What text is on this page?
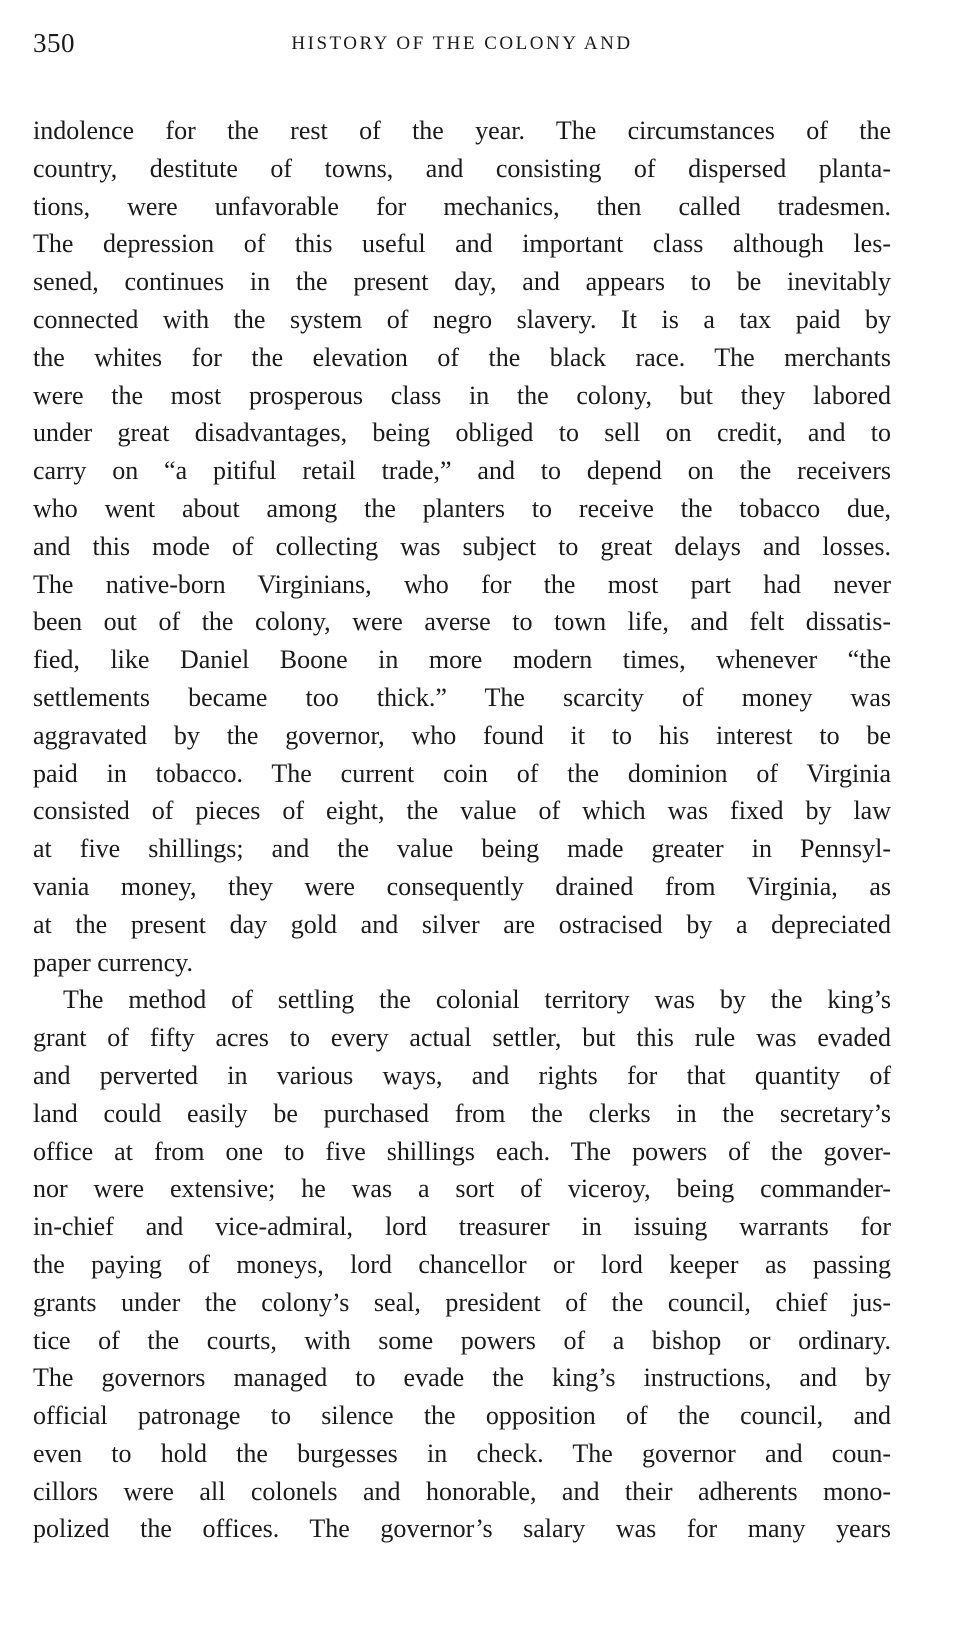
350	HISTORY OF THE COLONY AND
indolence for the rest of the year. The circumstances of the
country, destitute of towns, and consisting of dispersed planta-
tions, were unfavorable for mechanics, then called tradesmen.
The depression of this useful and important class although les-
sened, continues in the present day, and appears to be inevitably
connected with the system of negro slavery. It is a tax paid by
the whites for the elevation of the black race. The merchants
were the most prosperous class in the colony, but they labored
under great disadvantages, being obliged to sell on credit, and to
carry on “a pitiful retail trade,” and to depend on the receivers
who went about among the planters to receive the tobacco due,
and this mode of collecting was subject to great delays and losses.
The native-born Virginians, who for the most part had never
been out of the colony, were averse to town life, and felt dissatis-
fied, like Daniel Boone in more modern times, whenever “the
settlements became too thick.” The scarcity of money was
aggravated by the governor, who found it to his interest to be
paid in tobacco. The current coin of the dominion of Virginia
consisted of pieces of eight, the value of which was fixed by law
at five shillings; and the value being made greater in Pennsyl-
vania money, they were consequently drained from Virginia, as
at the present day gold and silver are ostracised by a depreciated
paper currency.
The method of settling the colonial territory was by the king’s
grant of fifty acres to every actual settler, but this rule was evaded
and perverted in various ways, and rights for that quantity of
land could easily be purchased from the clerks in the secretary’s
office at from one to five shillings each. The powers of the gover-
nor were extensive; he was a sort of viceroy, being commander-
in-chief and vice-admiral, lord treasurer in issuing warrants for
the paying of moneys, lord chancellor or lord keeper as passing
grants under the colony’s seal, president of the council, chief jus-
tice of the courts, with some powers of a bishop or ordinary.
The governors managed to evade the king’s instructions, and by
official patronage to silence the opposition of the council, and
even to hold the burgesses in check. The governor and coun-
cillors were all colonels and honorable, and their adherents mono-
polized the offices. The governor’s salary was for many years
